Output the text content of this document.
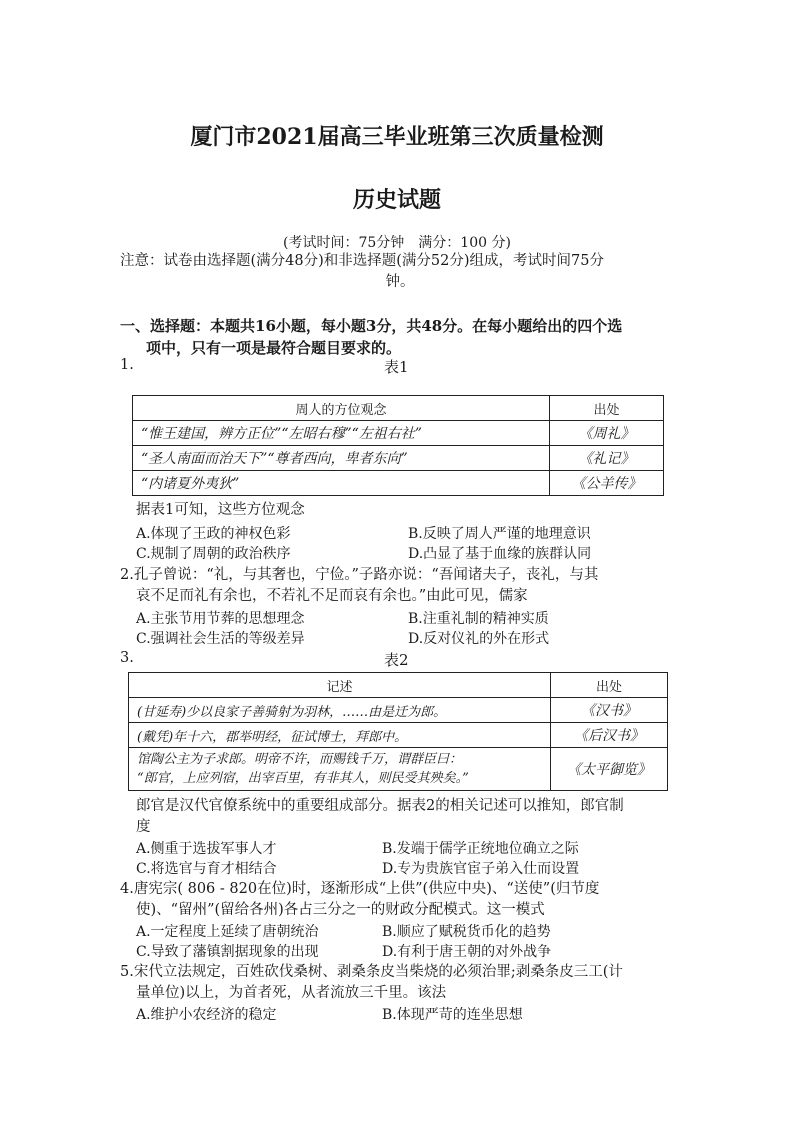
厦门市2021届高三毕业班第三次质量检测
历史试题
(考试时间：75分钟　满分：100 分)
注意：试卷由选择题(满分48分)和非选择题(满分52分)组成，考试时间75分
钟。
一、选择题：本题共16小题，每小题3分，共48分。在每小题给出的四个选
项中，只有一项是最符合题目要求的。
1.	表1
周人的方位观念	出处
“惟王建国，辨方正位”“左昭右穆”“左祖右社”	《周礼》
“圣人南面而治天下”“尊者西向，卑者东向”	《礼记》
“内诸夏外夷狄”	《公羊传》
据表1可知，这些方位观念
A.体现了王政的神权色彩	B.反映了周人严谨的地理意识
C.规制了周朝的政治秩序	D.凸显了基于血缘的族群认同
2.孔子曾说：“礼，与其奢也，宁俭。”子路亦说：“吾闻诸夫子，丧礼，与其
哀不足而礼有余也，不若礼不足而哀有余也。”由此可见，儒家
A.主张节用节葬的思想理念	B.注重礼制的精神实质
C.强调社会生活的等级差异	D.反对仪礼的外在形式
3.	表2
记述	出处
(甘延寿)少以良家子善骑射为羽林，……由是迁为郎。	《汉书》
(戴凭)年十六，郡举明经，征试博士，拜郎中。	《后汉书》

馆陶公主为子求郎。明帝不许，而赐钱千万，谓群臣曰：
“郎官，上应列宿，出宰百里，有非其人，则民受其殃矣。”	《太平御览》
郎官是汉代官僚系统中的重要组成部分。据表2的相关记述可以推知，郎官制
度
A.侧重于选拔军事人才	B.发端于儒学正统地位确立之际
C.将选官与育才相结合	D.专为贵族官宦子弟入仕而设置
4.唐宪宗( 806 - 820在位)时，逐渐形成“上供”(供应中央)、“送使”(归节度
使)、“留州”(留给各州)各占三分之一的财政分配模式。这一模式
A.一定程度上延续了唐朝统治	B.顺应了赋税货币化的趋势
C.导致了藩镇割据现象的出现	D.有利于唐王朝的对外战争
5.宋代立法规定，百姓砍伐桑树、剥桑条皮当柴烧的必须治罪;剥桑条皮三工(计
量单位)以上，为首者死，从者流放三千里。该法
A.维护小农经济的稳定	B.体现严苛的连坐思想
